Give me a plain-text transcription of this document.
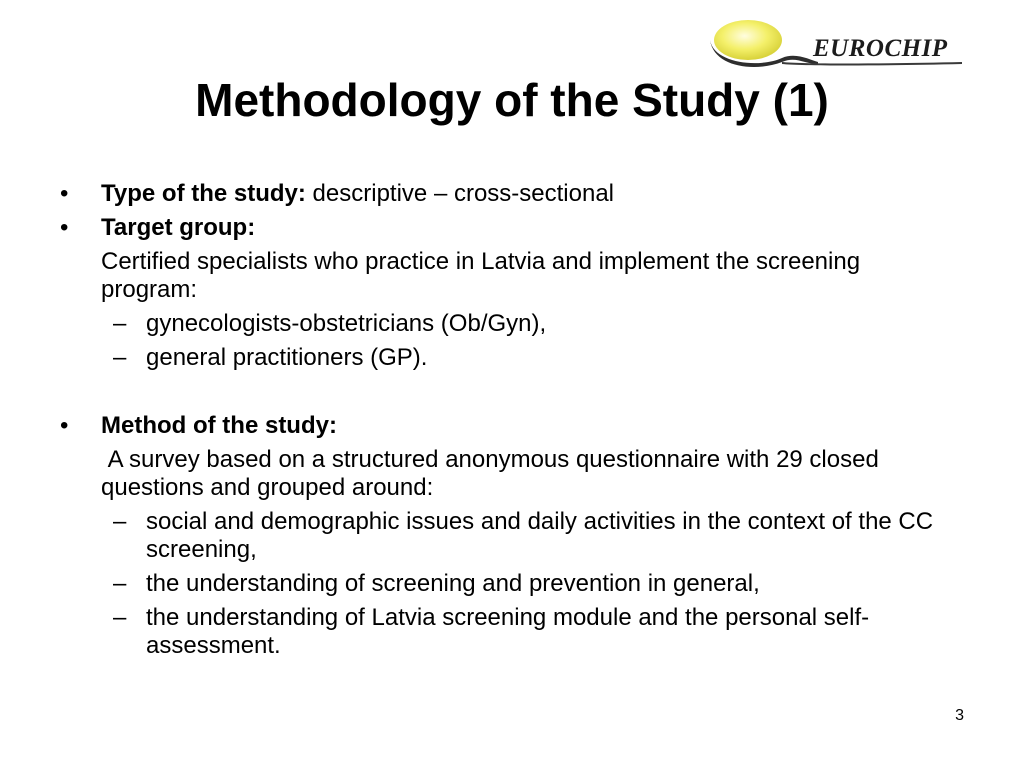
EUROCHIP
Methodology of the Study (1)
• Type of the study: descriptive – cross-sectional
• Target group:
Certified specialists who practice in Latvia and implement the screening program:
– gynecologists-obstetricians (Ob/Gyn),
– general practitioners (GP).
• Method of the study:
A survey based on a structured anonymous questionnaire with 29 closed questions and grouped around:
– social and demographic issues and daily activities in the context of the CC screening,
– the understanding of screening and prevention in general,
– the understanding of Latvia screening module and the personal self-assessment.
3
